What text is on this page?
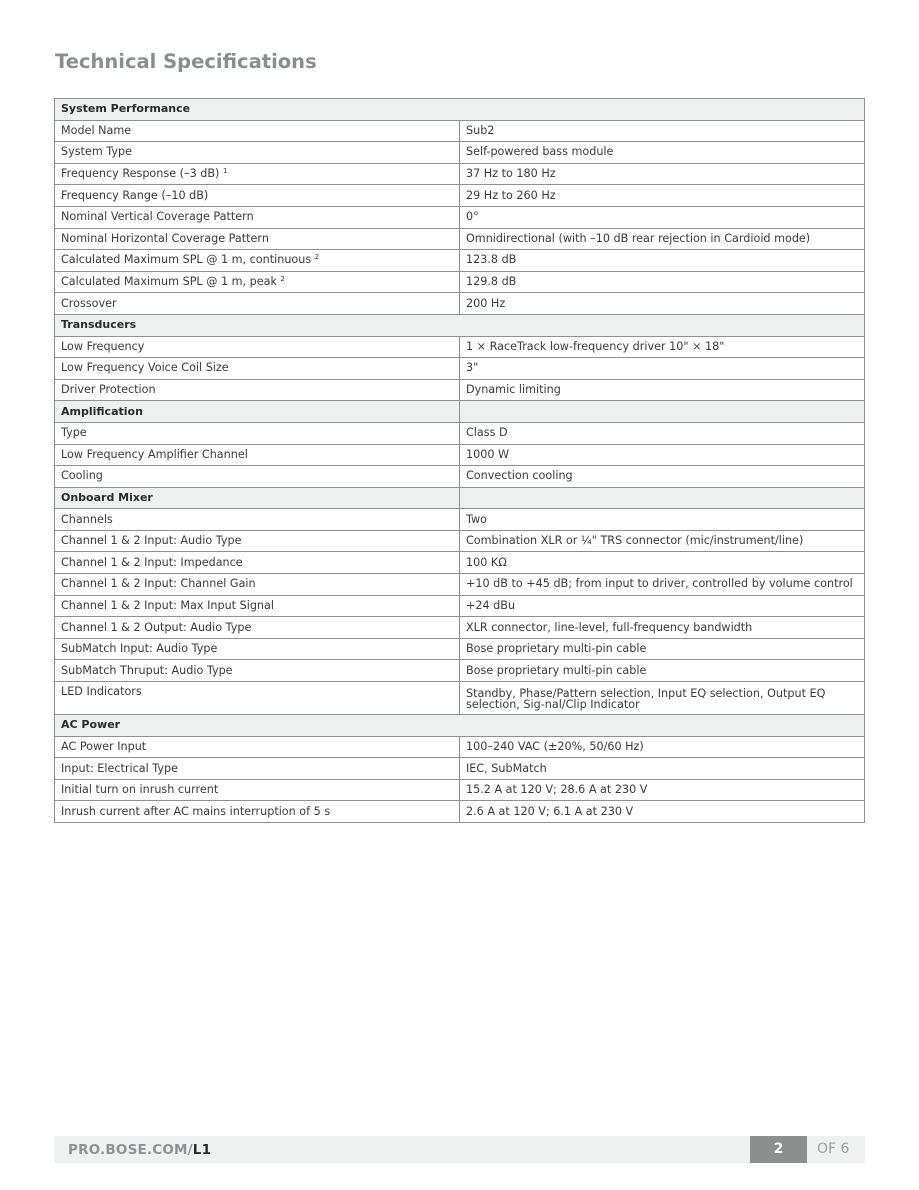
Technical Specifications
System Performance	
Model Name	Sub2
System Type	Self-powered bass module
Frequency Response (–3 dB) $^1$	37 Hz to 180 Hz
Frequency Range (–10 dB)	29 Hz to 260 Hz
Nominal Vertical Coverage Pattern	0°
Nominal Horizontal Coverage Pattern	Omnidirectional (with –10 dB rear rejection in Cardioid mode)
Calculated Maximum SPL @ 1 m, continuous $^2$	123.8 dB
Calculated Maximum SPL @ 1 m, peak $^2$	129.8 dB
Crossover	200 Hz
Transducers	
Low Frequency	1 × RaceTrack low-frequency driver 10" × 18"
Low Frequency Voice Coil Size	3"
Driver Protection	Dynamic limiting
Amplification	
Type	Class D
Low Frequency Amplifier Channel	1000 W
Cooling	Convection cooling
Onboard Mixer	
Channels	Two
Channel 1 & 2 Input: Audio Type	Combination XLR or ¼" TRS connector (mic/instrument/line)
Channel 1 & 2 Input: Impedance	100 KΩ
Channel 1 & 2 Input: Channel Gain	+10 dB to +45 dB; from input to driver, controlled by volume control
Channel 1 & 2 Input: Max Input Signal	+24 dBu
Channel 1 & 2 Output: Audio Type	XLR connector, line-level, full-frequency bandwidth
SubMatch Input: Audio Type	Bose proprietary multi-pin cable
SubMatch Thruput: Audio Type	Bose proprietary multi-pin cable
LED Indicators	Standby, Phase/Pattern selection, Input EQ selection, Output EQ selection, Sig-nal/Clip Indicator
AC Power	
AC Power Input	100–240 VAC (±20%, 50/60 Hz)
Input: Electrical Type	IEC, SubMatch
Initial turn on inrush current	15.2 A at 120 V; 28.6 A at 230 V
Inrush current after AC mains interruption of 5 s	2.6 A at 120 V; 6.1 A at 230 V
PRO.BOSE.COM/L1	2	OF 6
